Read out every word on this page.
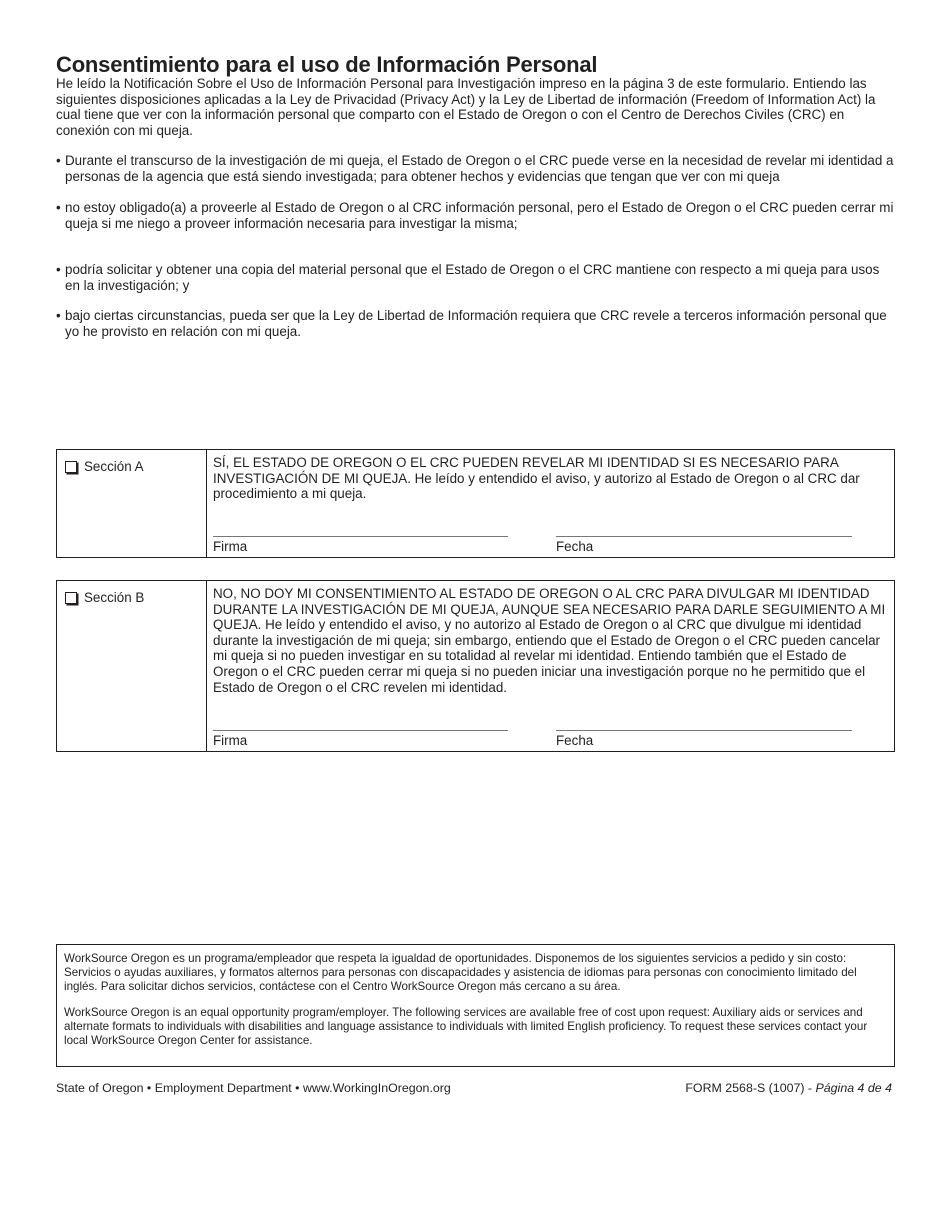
Consentimiento para el uso de Información Personal
He leído la Notificación Sobre el Uso de Información Personal para Investigación impreso en la página 3 de este formulario. Entiendo las siguientes disposiciones aplicadas a la Ley de Privacidad (Privacy Act) y la Ley de Libertad de información (Freedom of Information Act) la cual tiene que ver con la información personal que comparto con el Estado de Oregon o con el Centro de Derechos Civiles (CRC) en conexión con mi queja.
• Durante el transcurso de la investigación de mi queja, el Estado de Oregon o el CRC puede verse en la necesidad de revelar mi identidad a personas de la agencia que está siendo investigada; para obtener hechos y evidencias que tengan que ver con mi queja
• no estoy obligado(a) a proveerle al Estado de Oregon o al CRC información personal, pero el Estado de Oregon o el CRC pueden cerrar mi queja si me niego a proveer información necesaria para investigar la misma;
• podría solicitar y obtener una copia del material personal que el Estado de Oregon o el CRC mantiene con respecto a mi queja para usos en la investigación; y
• bajo ciertas circunstancias, pueda ser que la Ley de Libertad de Información requiera que CRC revele a terceros información personal que yo he provisto en relación con mi queja.
Sección A	SÍ, EL ESTADO DE OREGON O EL CRC PUEDEN REVELAR MI IDENTIDAD SI ES NECESARIO PARA INVESTIGACIÓN DE MI QUEJA. He leído y entendido el aviso, y autorizo al Estado de Oregon o al CRC dar procedimiento a mi queja.
Firma	Fecha
Sección B	NO, NO DOY MI CONSENTIMIENTO AL ESTADO DE OREGON O AL CRC PARA DIVULGAR MI IDENTIDAD DURANTE LA INVESTIGACIÓN DE MI QUEJA, AUNQUE SEA NECESARIO PARA DARLE SEGUIMIENTO A MI QUEJA. He leído y entendido el aviso, y no autorizo al Estado de Oregon o al CRC que divulgue mi identidad durante la investigación de mi queja; sin embargo, entiendo que el Estado de Oregon o el CRC pueden cancelar mi queja si no pueden investigar en su totalidad al revelar mi identidad. Entiendo también que el Estado de Oregon o el CRC pueden cerrar mi queja si no pueden iniciar una investigación porque no he permitido que el Estado de Oregon o el CRC revelen mi identidad.
Firma	Fecha

WorkSource Oregon es un programa/empleador que respeta la igualdad de oportunidades. Disponemos de los siguientes servicios a pedido y sin costo: Servicios o ayudas auxiliares, y formatos alternos para personas con discapacidades y asistencia de idiomas para personas con conocimiento limitado del inglés. Para solicitar dichos servicios, contáctese con el Centro WorkSource Oregon más cercano a su área.

WorkSource Oregon is an equal opportunity program/employer. The following services are available free of cost upon request: Auxiliary aids or services and alternate formats to individuals with disabilities and language assistance to individuals with limited English proficiency. To request these services contact your local WorkSource Oregon Center for assistance.

State of Oregon • Employment Department • www.WorkingInOregon.org	FORM 2568-S (1007) - Página 4 de 4
